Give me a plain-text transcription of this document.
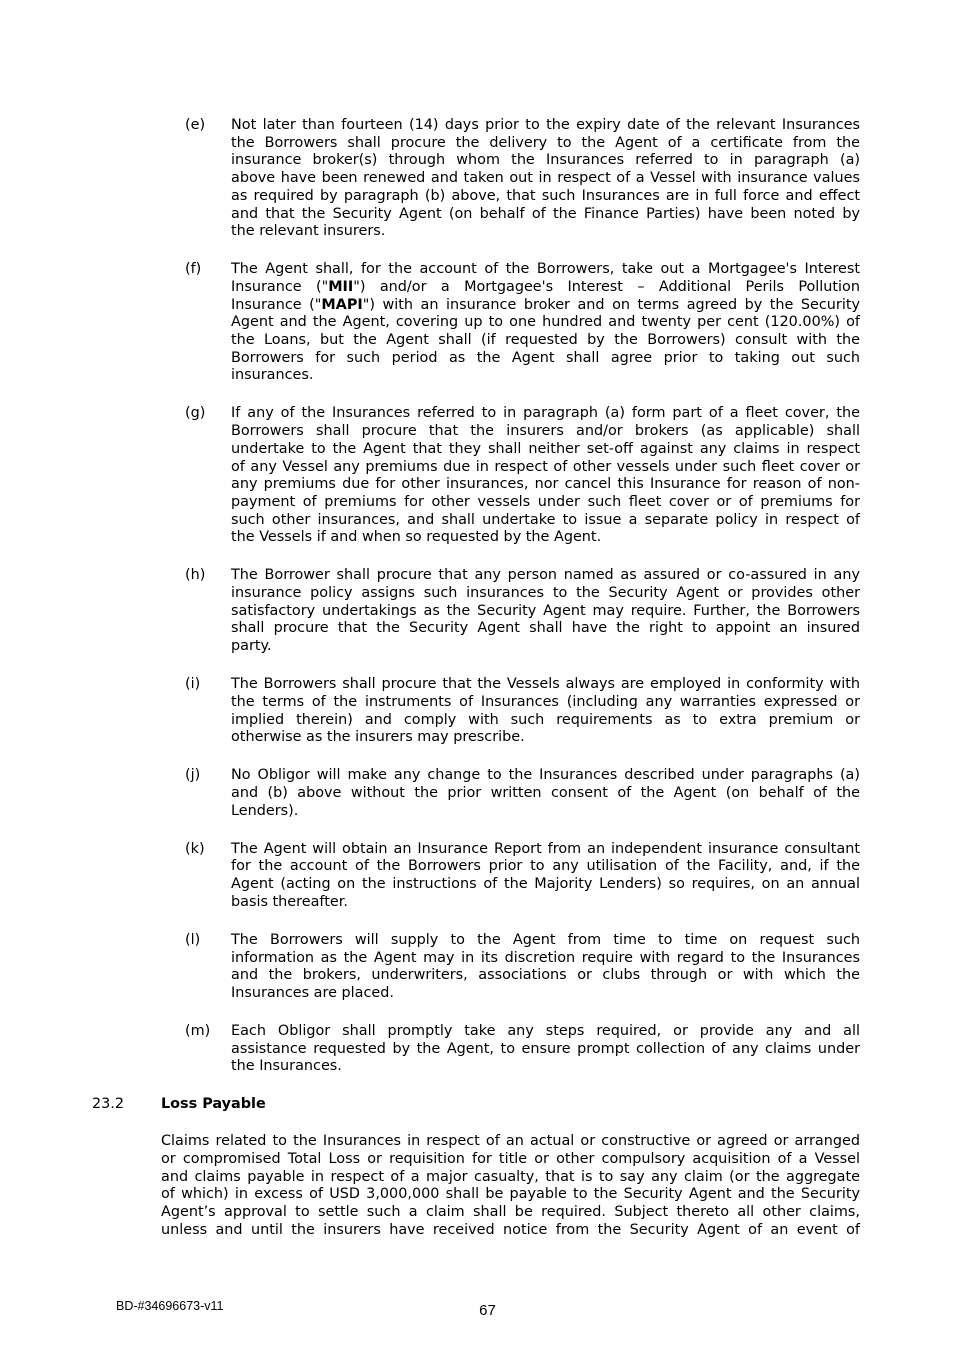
(e) Not later than fourteen (14) days prior to the expiry date of the relevant Insurances
the Borrowers shall procure the delivery to the Agent of a certificate from the
insurance broker(s) through whom the Insurances referred to in paragraph (a)
above have been renewed and taken out in respect of a Vessel with insurance values
as required by paragraph (b) above, that such Insurances are in full force and effect
and that the Security Agent (on behalf of the Finance Parties) have been noted by
the relevant insurers.
(f) The Agent shall, for the account of the Borrowers, take out a Mortgagee's Interest
Insurance ("MII") and/or a Mortgagee's Interest – Additional Perils Pollution
Insurance ("MAPI") with an insurance broker and on terms agreed by the Security
Agent and the Agent, covering up to one hundred and twenty per cent (120.00%) of
the Loans, but the Agent shall (if requested by the Borrowers) consult with the
Borrowers for such period as the Agent shall agree prior to taking out such
insurances.
(g) If any of the Insurances referred to in paragraph (a) form part of a fleet cover, the
Borrowers shall procure that the insurers and/or brokers (as applicable) shall
undertake to the Agent that they shall neither set-off against any claims in respect
of any Vessel any premiums due in respect of other vessels under such fleet cover or
any premiums due for other insurances, nor cancel this Insurance for reason of non-
payment of premiums for other vessels under such fleet cover or of premiums for
such other insurances, and shall undertake to issue a separate policy in respect of
the Vessels if and when so requested by the Agent.
(h) The Borrower shall procure that any person named as assured or co-assured in any
insurance policy assigns such insurances to the Security Agent or provides other
satisfactory undertakings as the Security Agent may require. Further, the Borrowers
shall procure that the Security Agent shall have the right to appoint an insured
party.
(i) The Borrowers shall procure that the Vessels always are employed in conformity with
the terms of the instruments of Insurances (including any warranties expressed or
implied therein) and comply with such requirements as to extra premium or
otherwise as the insurers may prescribe.
(j) No Obligor will make any change to the Insurances described under paragraphs (a)
and (b) above without the prior written consent of the Agent (on behalf of the
Lenders).
(k) The Agent will obtain an Insurance Report from an independent insurance consultant
for the account of the Borrowers prior to any utilisation of the Facility, and, if the
Agent (acting on the instructions of the Majority Lenders) so requires, on an annual
basis thereafter.
(l) The Borrowers will supply to the Agent from time to time on request such
information as the Agent may in its discretion require with regard to the Insurances
and the brokers, underwriters, associations or clubs through or with which the
Insurances are placed.
(m) Each Obligor shall promptly take any steps required, or provide any and all
assistance requested by the Agent, to ensure prompt collection of any claims under
the Insurances.
23.2	Loss Payable
Claims related to the Insurances in respect of an actual or constructive or agreed or arranged
or compromised Total Loss or requisition for title or other compulsory acquisition of a Vessel
and claims payable in respect of a major casualty, that is to say any claim (or the aggregate
of which) in excess of USD 3,000,000 shall be payable to the Security Agent and the Security
Agent’s approval to settle such a claim shall be required. Subject thereto all other claims,
unless and until the insurers have received notice from the Security Agent of an event of
BD-#34696673-v11	67
